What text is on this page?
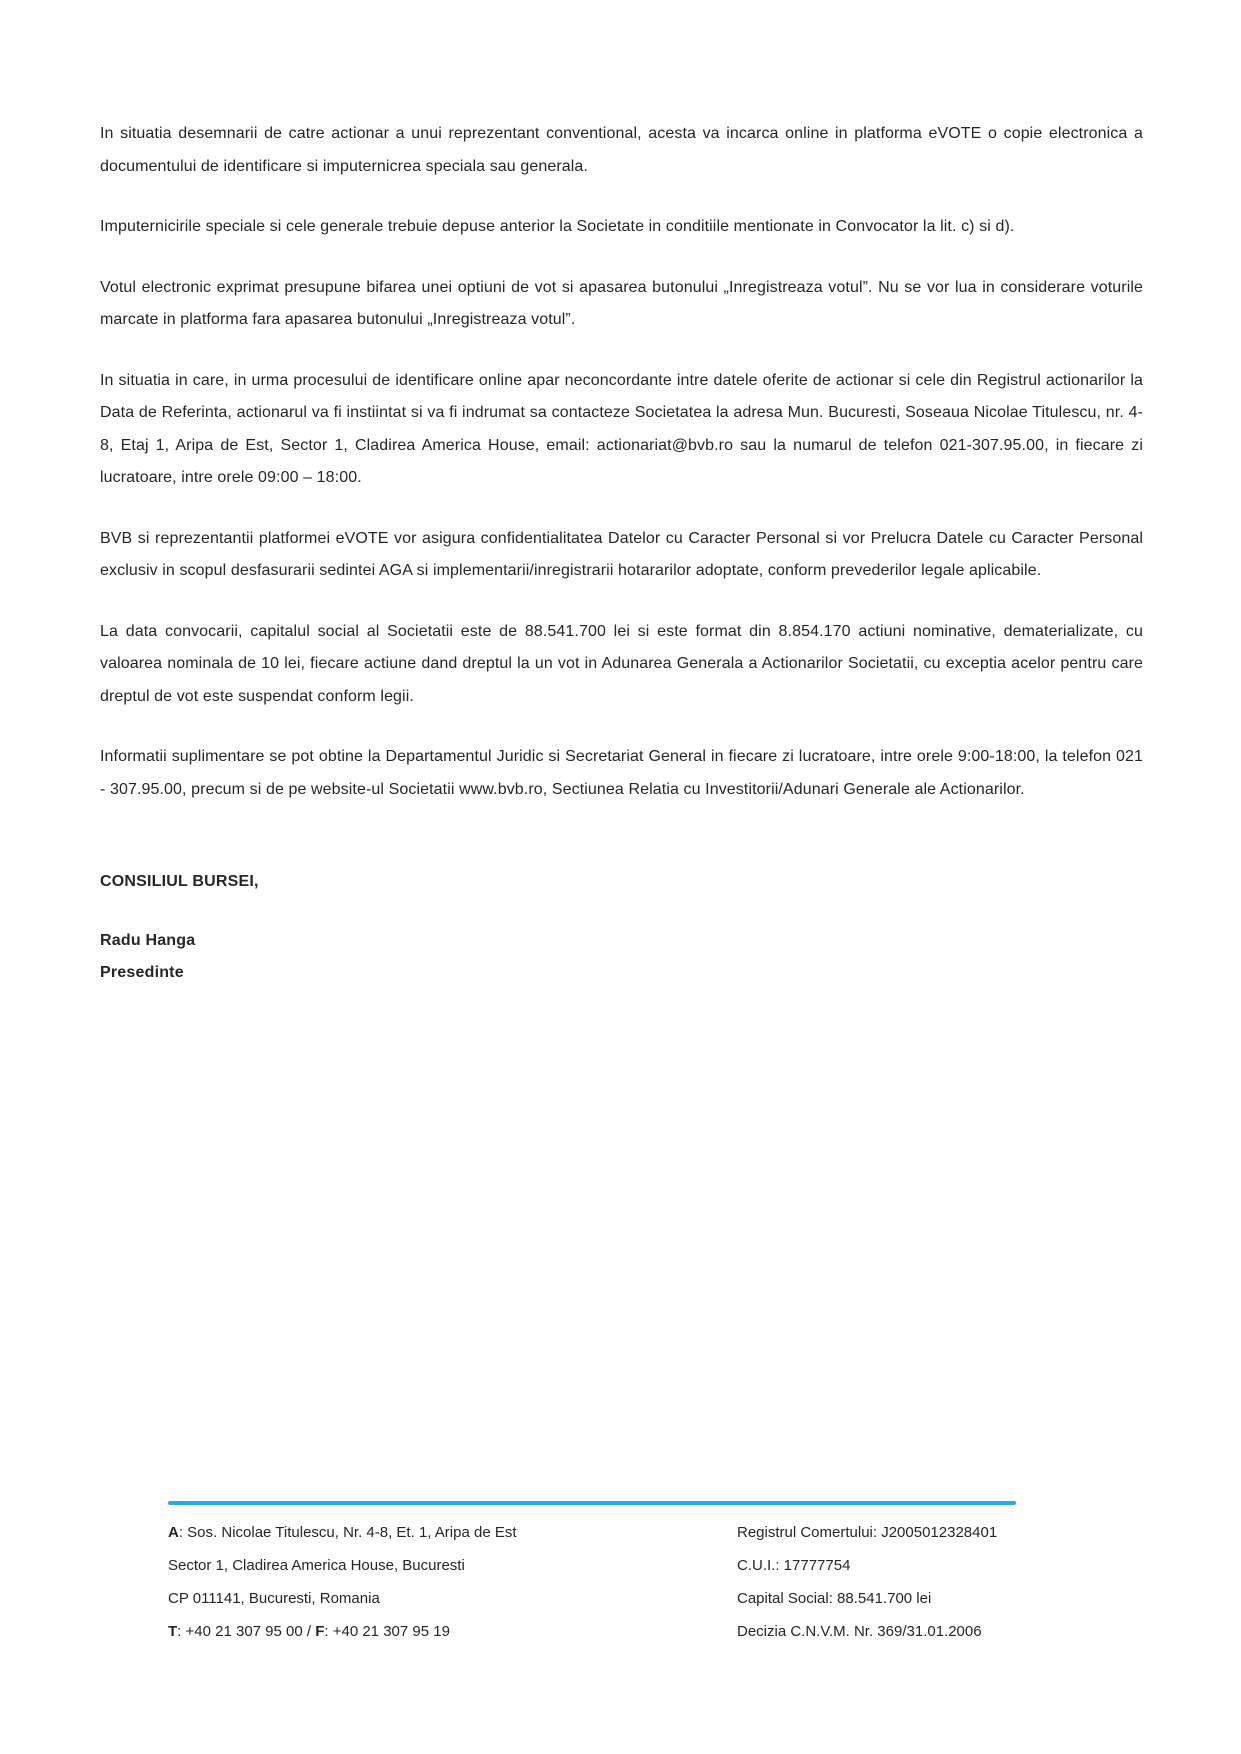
In situatia desemnarii de catre actionar a unui reprezentant conventional, acesta va incarca online in platforma eVOTE o copie electronica a documentului de identificare si imputernicrea speciala sau generala.

Imputernicirile speciale si cele generale trebuie depuse anterior la Societate in conditiile mentionate in Convocator la lit. c) si d).

Votul electronic exprimat presupune bifarea unei optiuni de vot si apasarea butonului „Inregistreaza votul”. Nu se vor lua in considerare voturile marcate in platforma fara apasarea butonului „Inregistreaza votul”.

In situatia in care, in urma procesului de identificare online apar neconcordante intre datele oferite de actionar si cele din Registrul actionarilor la Data de Referinta, actionarul va fi instiintat si va fi indrumat sa contacteze Societatea la adresa Mun. Bucuresti, Soseaua Nicolae Titulescu, nr. 4-8, Etaj 1, Aripa de Est, Sector 1, Cladirea America House, email: actionariat@bvb.ro sau la numarul de telefon 021-307.95.00, in fiecare zi lucratoare, intre orele 09:00 – 18:00.

BVB si reprezentantii platformei eVOTE vor asigura confidentialitatea Datelor cu Caracter Personal si vor Prelucra Datele cu Caracter Personal exclusiv in scopul desfasurarii sedintei AGA si implementarii/inregistrarii hotararilor adoptate, conform prevederilor legale aplicabile.

La data convocarii, capitalul social al Societatii este de 88.541.700 lei si este format din 8.854.170 actiuni nominative, dematerializate, cu valoarea nominala de 10 lei, fiecare actiune dand dreptul la un vot in Adunarea Generala a Actionarilor Societatii, cu exceptia acelor pentru care dreptul de vot este suspendat conform legii.

Informatii suplimentare se pot obtine la Departamentul Juridic si Secretariat General in fiecare zi lucratoare, intre orele 9:00-18:00, la telefon 021 - 307.95.00, precum si de pe website-ul Societatii www.bvb.ro, Sectiunea Relatia cu Investitorii/Adunari Generale ale Actionarilor.

CONSILIUL BURSEI,
Radu Hanga
Presedinte
A: Sos. Nicolae Titulescu, Nr. 4-8, Et. 1, Aripa de Est
Sector 1, Cladirea America House, Bucuresti
CP 011141, Bucuresti, Romania
T: +40 21 307 95 00 / F: +40 21 307 95 19
Registrul Comertului: J2005012328401
C.U.I.: 17777754
Capital Social: 88.541.700 lei
Decizia C.N.V.M. Nr. 369/31.01.2006
